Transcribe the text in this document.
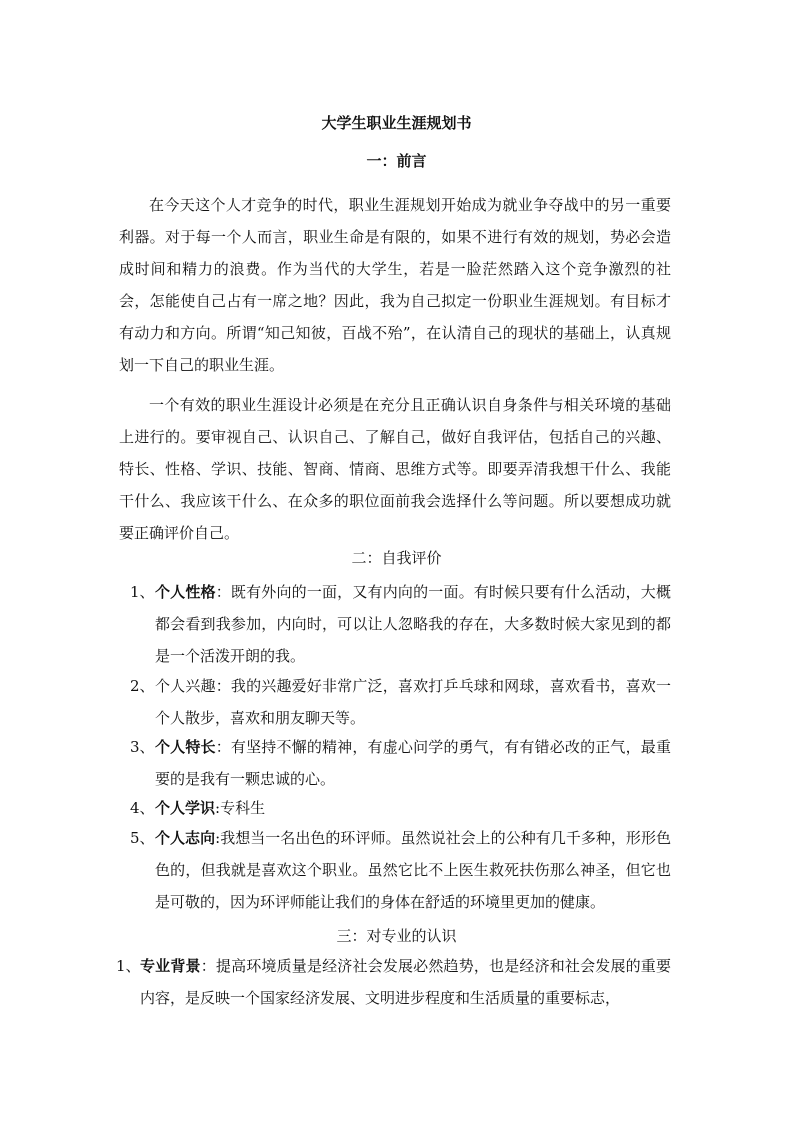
大学生职业生涯规划书
一：前言

在今天这个人才竞争的时代，职业生涯规划开始成为就业争夺战中的另一重要利器。对于每一个人而言，职业生命是有限的，如果不进行有效的规划，势必会造成时间和精力的浪费。作为当代的大学生，若是一脸茫然踏入这个竞争激烈的社会，怎能使自己占有一席之地？因此，我为自己拟定一份职业生涯规划。有目标才有动力和方向。所谓“知己知彼，百战不殆”，在认清自己的现状的基础上，认真规划一下自己的职业生涯。

一个有效的职业生涯设计必须是在充分且正确认识自身条件与相关环境的基础上进行的。要审视自己、认识自己、了解自己，做好自我评估，包括自己的兴趣、特长、性格、学识、技能、智商、情商、思维方式等。即要弄清我想干什么、我能干什么、我应该干什么、在众多的职位面前我会选择什么等问题。所以要想成功就要正确评价自己。

二：自我评价
1、 个人性格：既有外向的一面，又有内向的一面。有时候只要有什么活动，大概都会看到我参加，内向时，可以让人忽略我的存在，大多数时候大家见到的都是一个活泼开朗的我。
2、 个人兴趣：我的兴趣爱好非常广泛，喜欢打乒乓球和网球，喜欢看书，喜欢一个人散步，喜欢和朋友聊天等。
3、 个人特长：有坚持不懈的精神，有虚心问学的勇气，有有错必改的正气，最重要的是我有一颗忠诚的心。
4、 个人学识:专科生
5、 个人志向:我想当一名出色的环评师。虽然说社会上的公种有几千多种，形形色色的，但我就是喜欢这个职业。虽然它比不上医生救死扶伤那么神圣，但它也是可敬的，因为环评师能让我们的身体在舒适的环境里更加的健康。
三：对专业的认识
1、 专业背景：提高环境质量是经济社会发展必然趋势，也是经济和社会发展的重要内容，是反映一个国家经济发展、文明进步程度和生活质量的重要标志，
